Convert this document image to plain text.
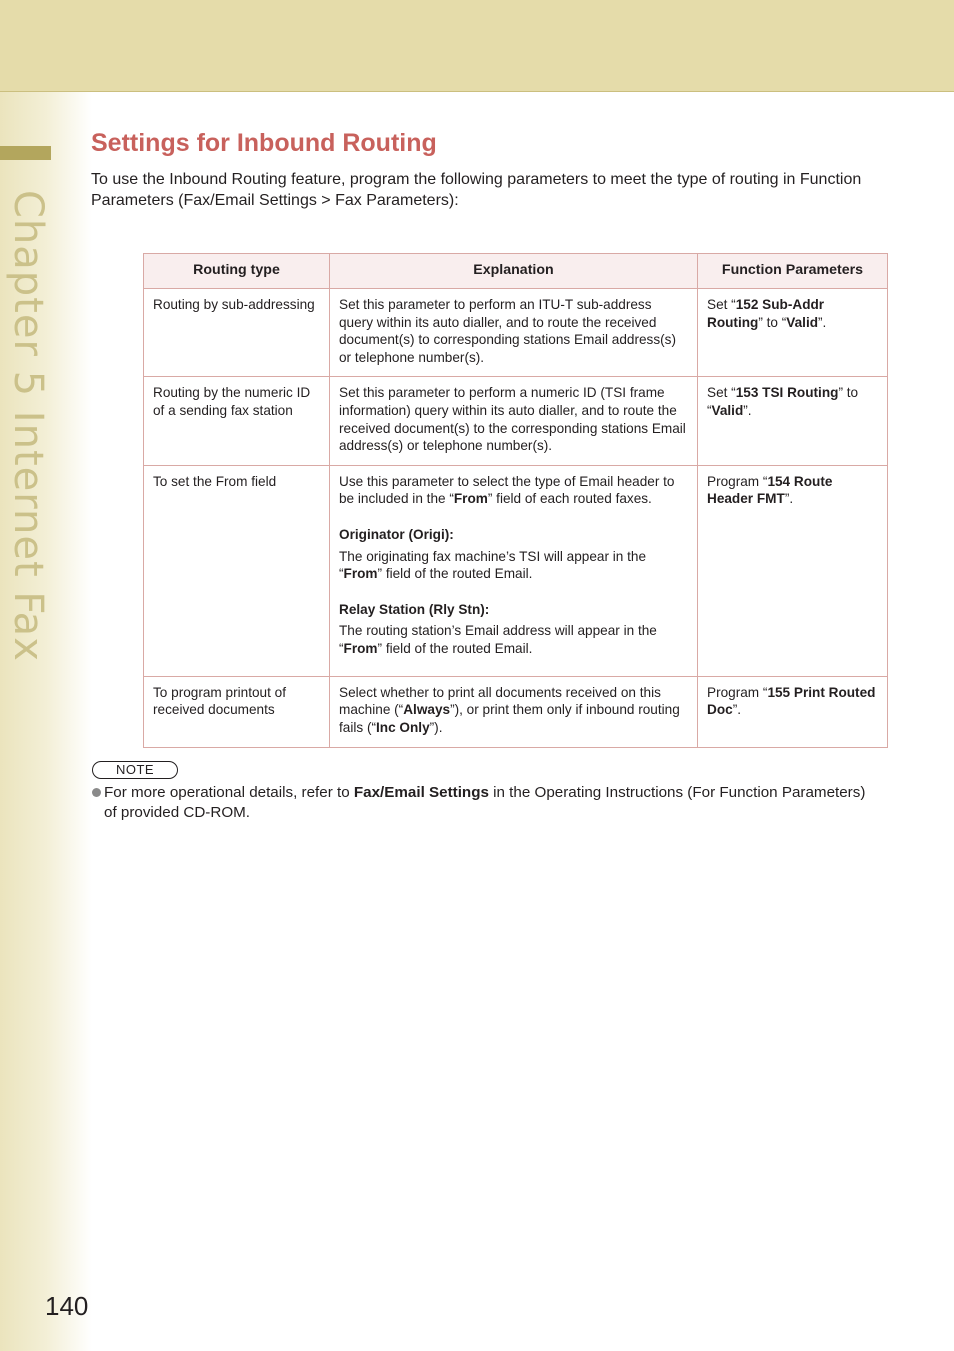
Chapter 5 Internet Fax
Settings for Inbound Routing

To use the Inbound Routing feature, program the following parameters to meet the type of routing in Function Parameters (Fax/Email Settings > Fax Parameters):

Routing type	Explanation	Function Parameters
Routing by sub-addressing	Set this parameter to perform an ITU-T sub-address query within its auto dialler, and to route the received document(s) to corresponding stations Email address(s) or telephone number(s).	Set “152 Sub-Addr Routing” to “Valid”.
Routing by the numeric ID of a sending fax station	Set this parameter to perform a numeric ID (TSI frame information) query within its auto dialler, and to route the received document(s) to the corresponding stations Email address(s) or telephone number(s).	Set “153 TSI Routing” to “Valid”.
To set the From field	Use this parameter to select the type of Email header to be included in the “From” field of each routed faxes.
Originator (Origi):
The originating fax machine’s TSI will appear in the “From” field of the routed Email.
Relay Station (Rly Stn):
The routing station’s Email address will appear in the “From” field of the routed Email.	Program “154 Route Header FMT”.
To program printout of received documents	Select whether to print all documents received on this machine (“Always”), or print them only if inbound routing fails (“Inc Only”).	Program “155 Print Routed Doc”.
NOTE
For more operational details, refer to Fax/Email Settings in the Operating Instructions (For Function Parameters) of provided CD-ROM.
140
